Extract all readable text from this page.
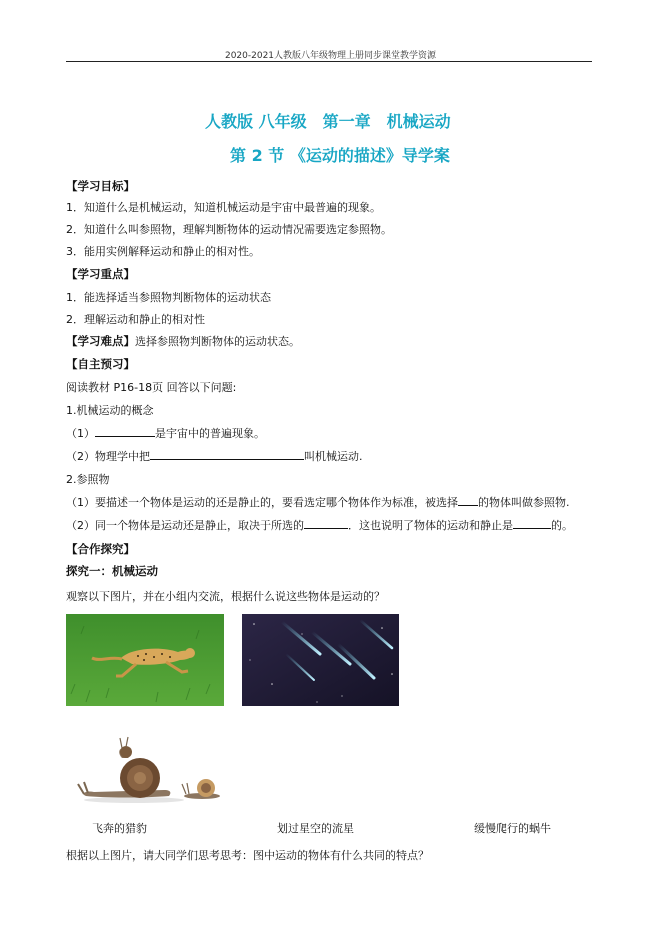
2020-2021人教版八年级物理上册同步课堂教学资源
人教版 八年级　第一章　机械运动
第 2 节 《运动的描述》导学案
【学习目标】
1．知道什么是机械运动，知道机械运动是宇宙中最普遍的现象。
2．知道什么叫参照物，理解判断物体的运动情况需要选定参照物。
3．能用实例解释运动和静止的相对性。
【学习重点】
1．能选择适当参照物判断物体的运动状态
2．理解运动和静止的相对性
【学习难点】选择参照物判断物体的运动状态。
【自主预习】
阅读教材 P16-18页 回答以下问题:
1.机械运动的概念
（1）	是宇宙中的普遍现象。
（2）物理学中把	叫机械运动.
2.参照物
（1）要描述一个物体是运动的还是静止的，要看选定哪个物体作为标准，被选择 的物体叫做参照物.
（2）同一个物体是运动还是静止，取决于所选的	．这也说明了物体的运动和静止是	的。
【合作探究】
探究一：机械运动
观察以下图片，并在小组内交流，根据什么说这些物体是运动的？
飞奔的猎豹	划过星空的流星	缓慢爬行的蜗牛
根据以上图片，请大同学们思考思考：图中运动的物体有什么共同的特点？
